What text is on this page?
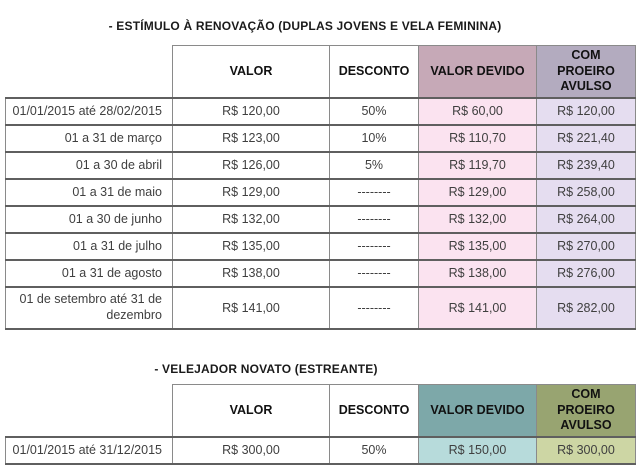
- ESTÍMULO À RENOVAÇÃO (DUPLAS JOVENS E VELA FEMININA)
	VALOR	DESCONTO	VALOR DEVIDO	COM PROEIRO AVULSO
01/01/2015 até 28/02/2015	R$ 120,00	50%	R$ 60,00	R$ 120,00
01 a 31 de março	R$ 123,00	10%	R$ 110,70	R$ 221,40
01 a 30 de abril	R$ 126,00	5%	R$ 119,70	R$ 239,40
01 a 31 de maio	R$ 129,00	--------	R$ 129,00	R$ 258,00
01 a 30 de junho	R$ 132,00	--------	R$ 132,00	R$ 264,00
01 a 31 de julho	R$ 135,00	--------	R$ 135,00	R$ 270,00
01 a 31 de agosto	R$ 138,00	--------	R$ 138,00	R$ 276,00
01 de setembro até 31 de dezembro	R$ 141,00	--------	R$ 141,00	R$ 282,00
- VELEJADOR NOVATO (ESTREANTE)
	VALOR	DESCONTO	VALOR DEVIDO	COM PROEIRO AVULSO
01/01/2015 até 31/12/2015	R$ 300,00	50%	R$ 150,00	R$ 300,00
